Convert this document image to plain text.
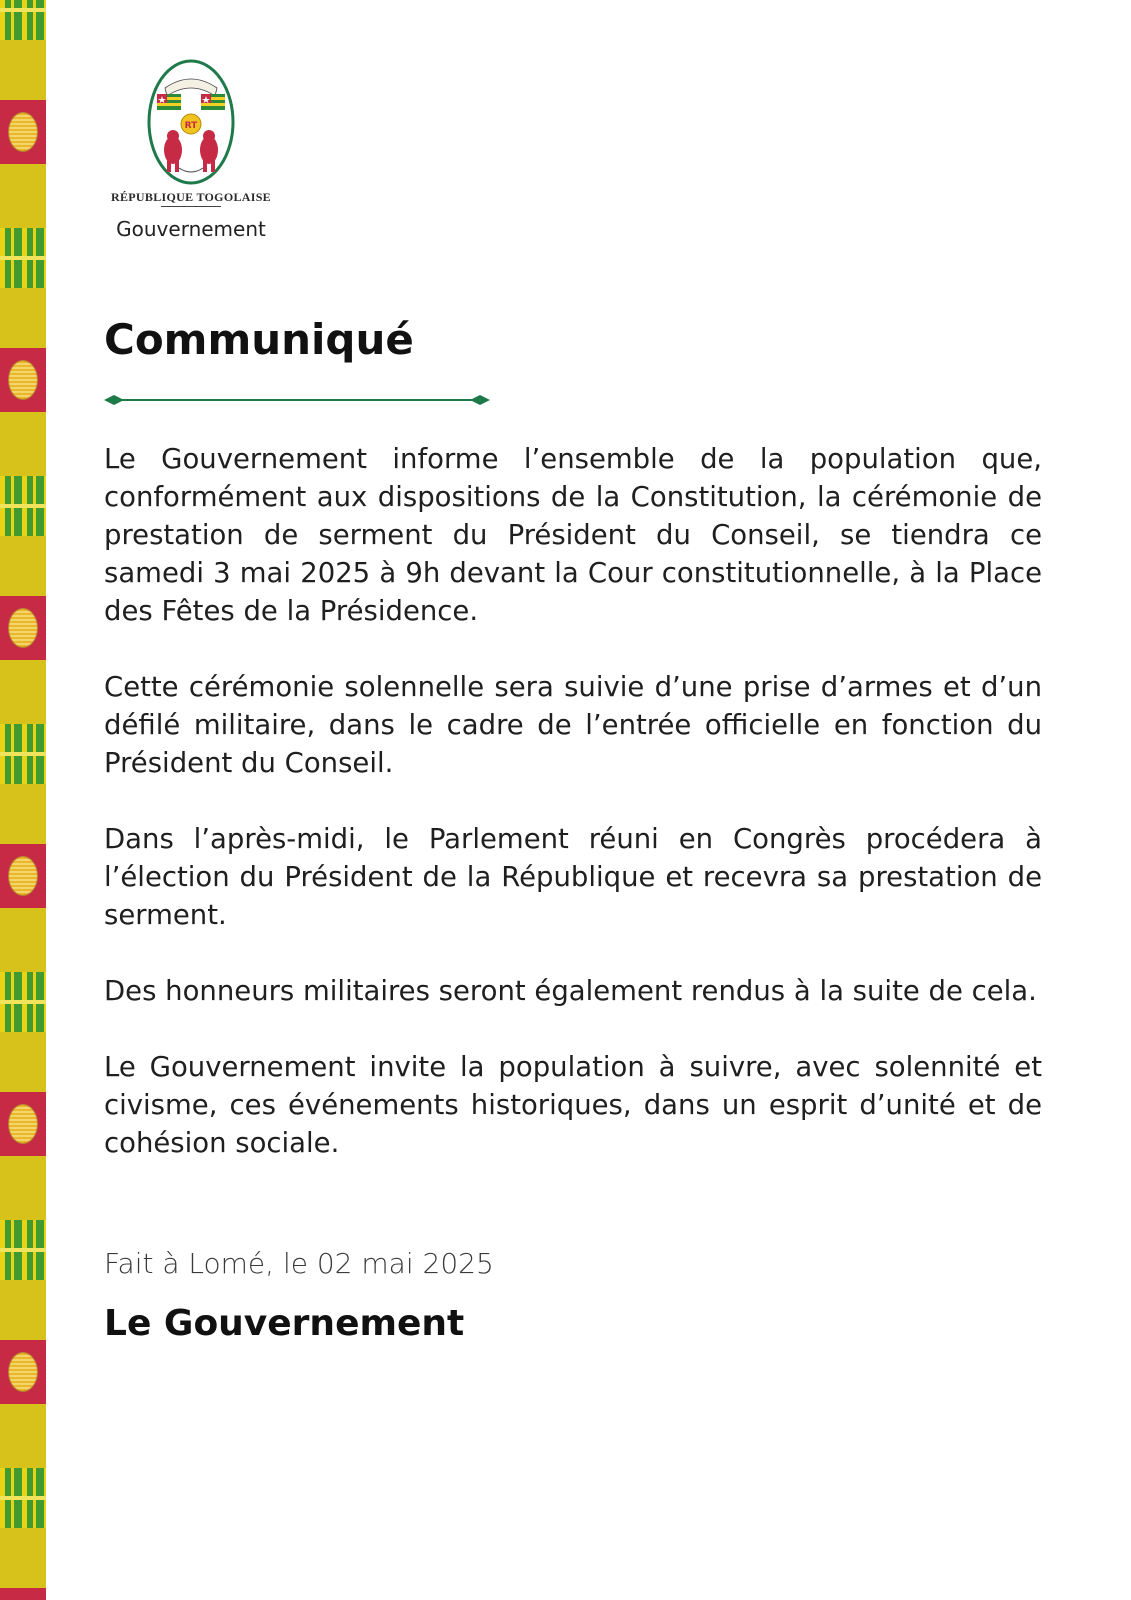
RT
RÉPUBLIQUE TOGOLAISE
Gouvernement
Communiqué

Le Gouvernement informe l’ensemble de la population que, conformément aux dispositions de la Constitution, la cérémonie de prestation de serment du Président du Conseil, se tiendra ce samedi 3 mai 2025 à 9h devant la Cour constitutionnelle, à la Place des Fêtes de la Présidence.

Cette cérémonie solennelle sera suivie d’une prise d’armes et d’un défilé militaire, dans le cadre de l’entrée officielle en fonction du Président du Conseil.

Dans l’après-midi, le Parlement réuni en Congrès procédera à l’élection du Président de la République et recevra sa prestation de serment.

Des honneurs militaires seront également rendus à la suite de cela.

Le Gouvernement invite la population à suivre, avec solennité et civisme, ces événements historiques, dans un esprit d’unité et de cohésion sociale.

Fait à Lomé, le 02 mai 2025
Le Gouvernement
